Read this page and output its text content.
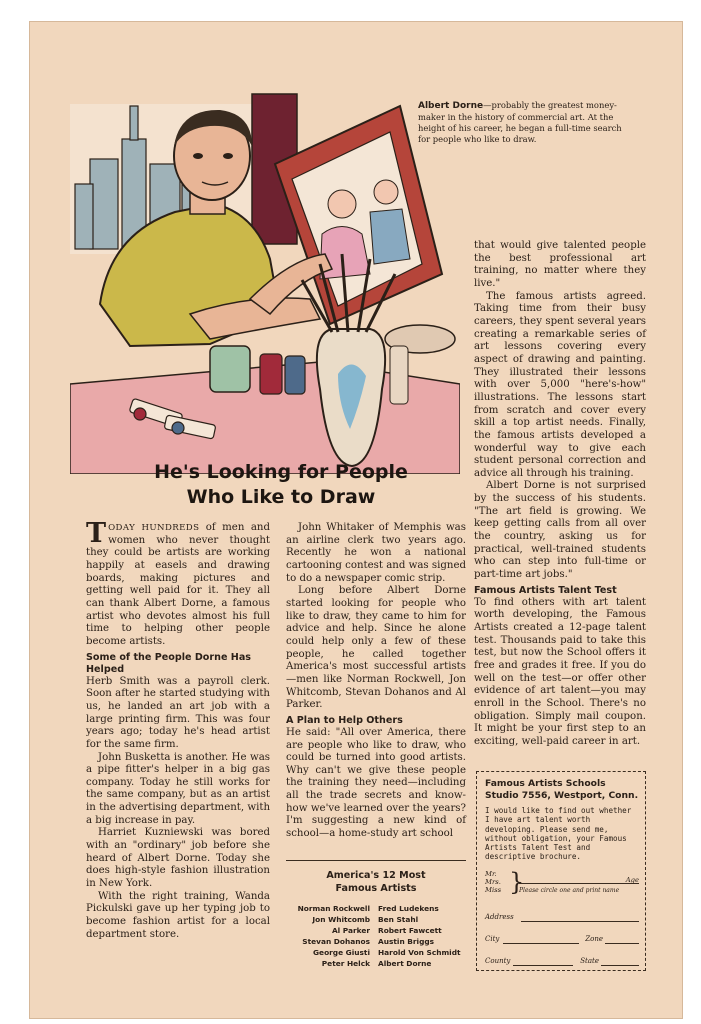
Albert Dorne—probably the greatest money-maker in the history of commercial art. At the height of his career, he began a full-time search for people who like to draw.
He's Looking for People
Who Like to Draw

TODAY HUNDREDS of men and women who never thought they could be artists are working happily at easels and drawing boards, making pictures and getting well paid for it. They all can thank Albert Dorne, a famous artist who devotes almost his full time to helping other people become artists.

Some of the People Dorne Has Helped

Herb Smith was a payroll clerk. Soon after he started studying with us, he landed an art job with a large printing firm. This was four years ago; today he's head artist for the same firm.

John Busketta is another. He was a pipe fitter's helper in a big gas company. Today he still works for the same company, but as an artist in the advertising department, with a big increase in pay.

Harriet Kuzniewski was bored with an "ordinary" job before she heard of Albert Dorne. Today she does high-style fashion illustration in New York.

With the right training, Wanda Pickulski gave up her typing job to become fashion artist for a local department store.

John Whitaker of Memphis was an airline clerk two years ago. Recently he won a national cartooning contest and was signed to do a newspaper comic strip.

Long before Albert Dorne started looking for people who like to draw, they came to him for advice and help. Since he alone could help only a few of these people, he called together America's most successful artists—men like Norman Rockwell, Jon Whitcomb, Stevan Dohanos and Al Parker.

A Plan to Help Others

He said: "All over America, there are people who like to draw, who could be turned into good artists. Why can't we give these people the training they need—including all the trade secrets and know-how we've learned over the years? I'm suggesting a new kind of school—a home-study art school

America's 12 Most
Famous Artists
Norman Rockwell	Fred Ludekens
Jon Whitcomb	Ben Stahl
Al Parker	Robert Fawcett
Stevan Dohanos	Austin Briggs
George Giusti	Harold Von Schmidt
Peter Helck	Albert Dorne

that would give talented people the best professional art training, no matter where they live."

The famous artists agreed. Taking time from their busy careers, they spent several years creating a remarkable series of art lessons covering every aspect of drawing and painting. They illustrated their lessons with over 5,000 "here's-how" illustrations. The lessons start from scratch and cover every skill a top artist needs. Finally, the famous artists developed a wonderful way to give each student personal correction and advice all through his training.

Albert Dorne is not surprised by the success of his students. "The art field is growing. We keep getting calls from all over the country, asking us for practical, well-trained students who can step into full-time or part-time art jobs."

Famous Artists Talent Test

To find others with art talent worth developing, the Famous Artists created a 12-page talent test. Thousands paid to take this test, but now the School offers it free and grades it free. If you do well on the test—or offer other evidence of art talent—you may enroll in the School. There's no obligation. Simply mail coupon. It might be your first step to an exciting, well-paid career in art.

Famous Artists Schools
Studio 7556, Westport, Conn.
I would like to find out whether I have art talent worth developing. Please send me, without obligation, your Famous Artists Talent Test and descriptive brochure.
Mr.
Mrs.
Miss }	Age
Please circle one and print name
Address
City	Zone
County	State
